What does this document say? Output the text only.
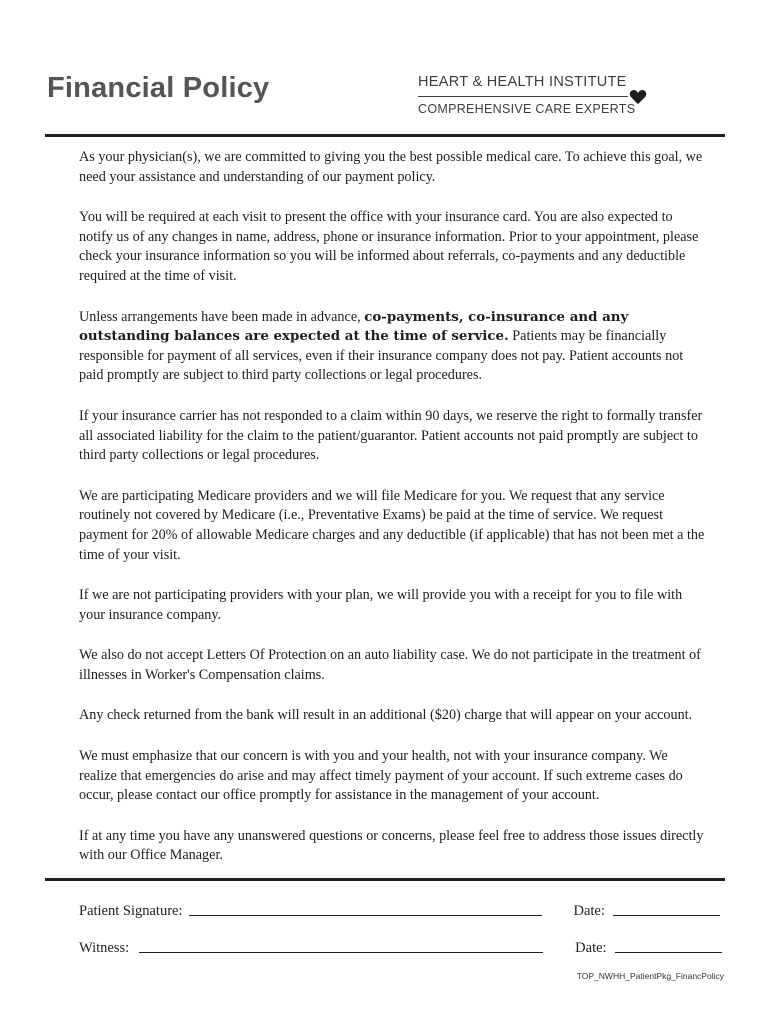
Financial Policy	HEART & HEALTH INSTITUTE
COMPREHENSIVE CARE EXPERTS

As your physician(s), we are committed to giving you the best possible medical care. To achieve this goal, we need your assistance and understanding of our payment policy.

You will be required at each visit to present the office with your insurance card. You are also expected to notify us of any changes in name, address, phone or insurance information. Prior to your appointment, please check your insurance information so you will be informed about referrals, co-payments and any deductible required at the time of visit.

Unless arrangements have been made in advance, co-payments, co-insurance and any outstanding balances are expected at the time of service. Patients may be financially responsible for payment of all services, even if their insurance company does not pay. Patient accounts not paid promptly are subject to third party collections or legal procedures.

If your insurance carrier has not responded to a claim within 90 days, we reserve the right to formally transfer all associated liability for the claim to the patient/guarantor. Patient accounts not paid promptly are subject to third party collections or legal procedures.

We are participating Medicare providers and we will file Medicare for you. We request that any service routinely not covered by Medicare (i.e., Preventative Exams) be paid at the time of service. We request payment for 20% of allowable Medicare charges and any deductible (if applicable) that has not been met a the time of your visit.

If we are not participating providers with your plan, we will provide you with a receipt for you to file with your insurance company.

We also do not accept Letters Of Protection on an auto liability case. We do not participate in the treatment of illnesses in Worker's Compensation claims.

Any check returned from the bank will result in an additional ($20) charge that will appear on your account.

We must emphasize that our concern is with you and your health, not with your insurance company. We realize that emergencies do arise and may affect timely payment of your account. If such extreme cases do occur, please contact our office promptly for assistance in the management of your account.

If at any time you have any unanswered questions or concerns, please feel free to address those issues directly with our Office Manager.

Patient Signature:	Date:
Witness:	Date:
TOP_NWHH_PatientPkg_FinancPolicy
